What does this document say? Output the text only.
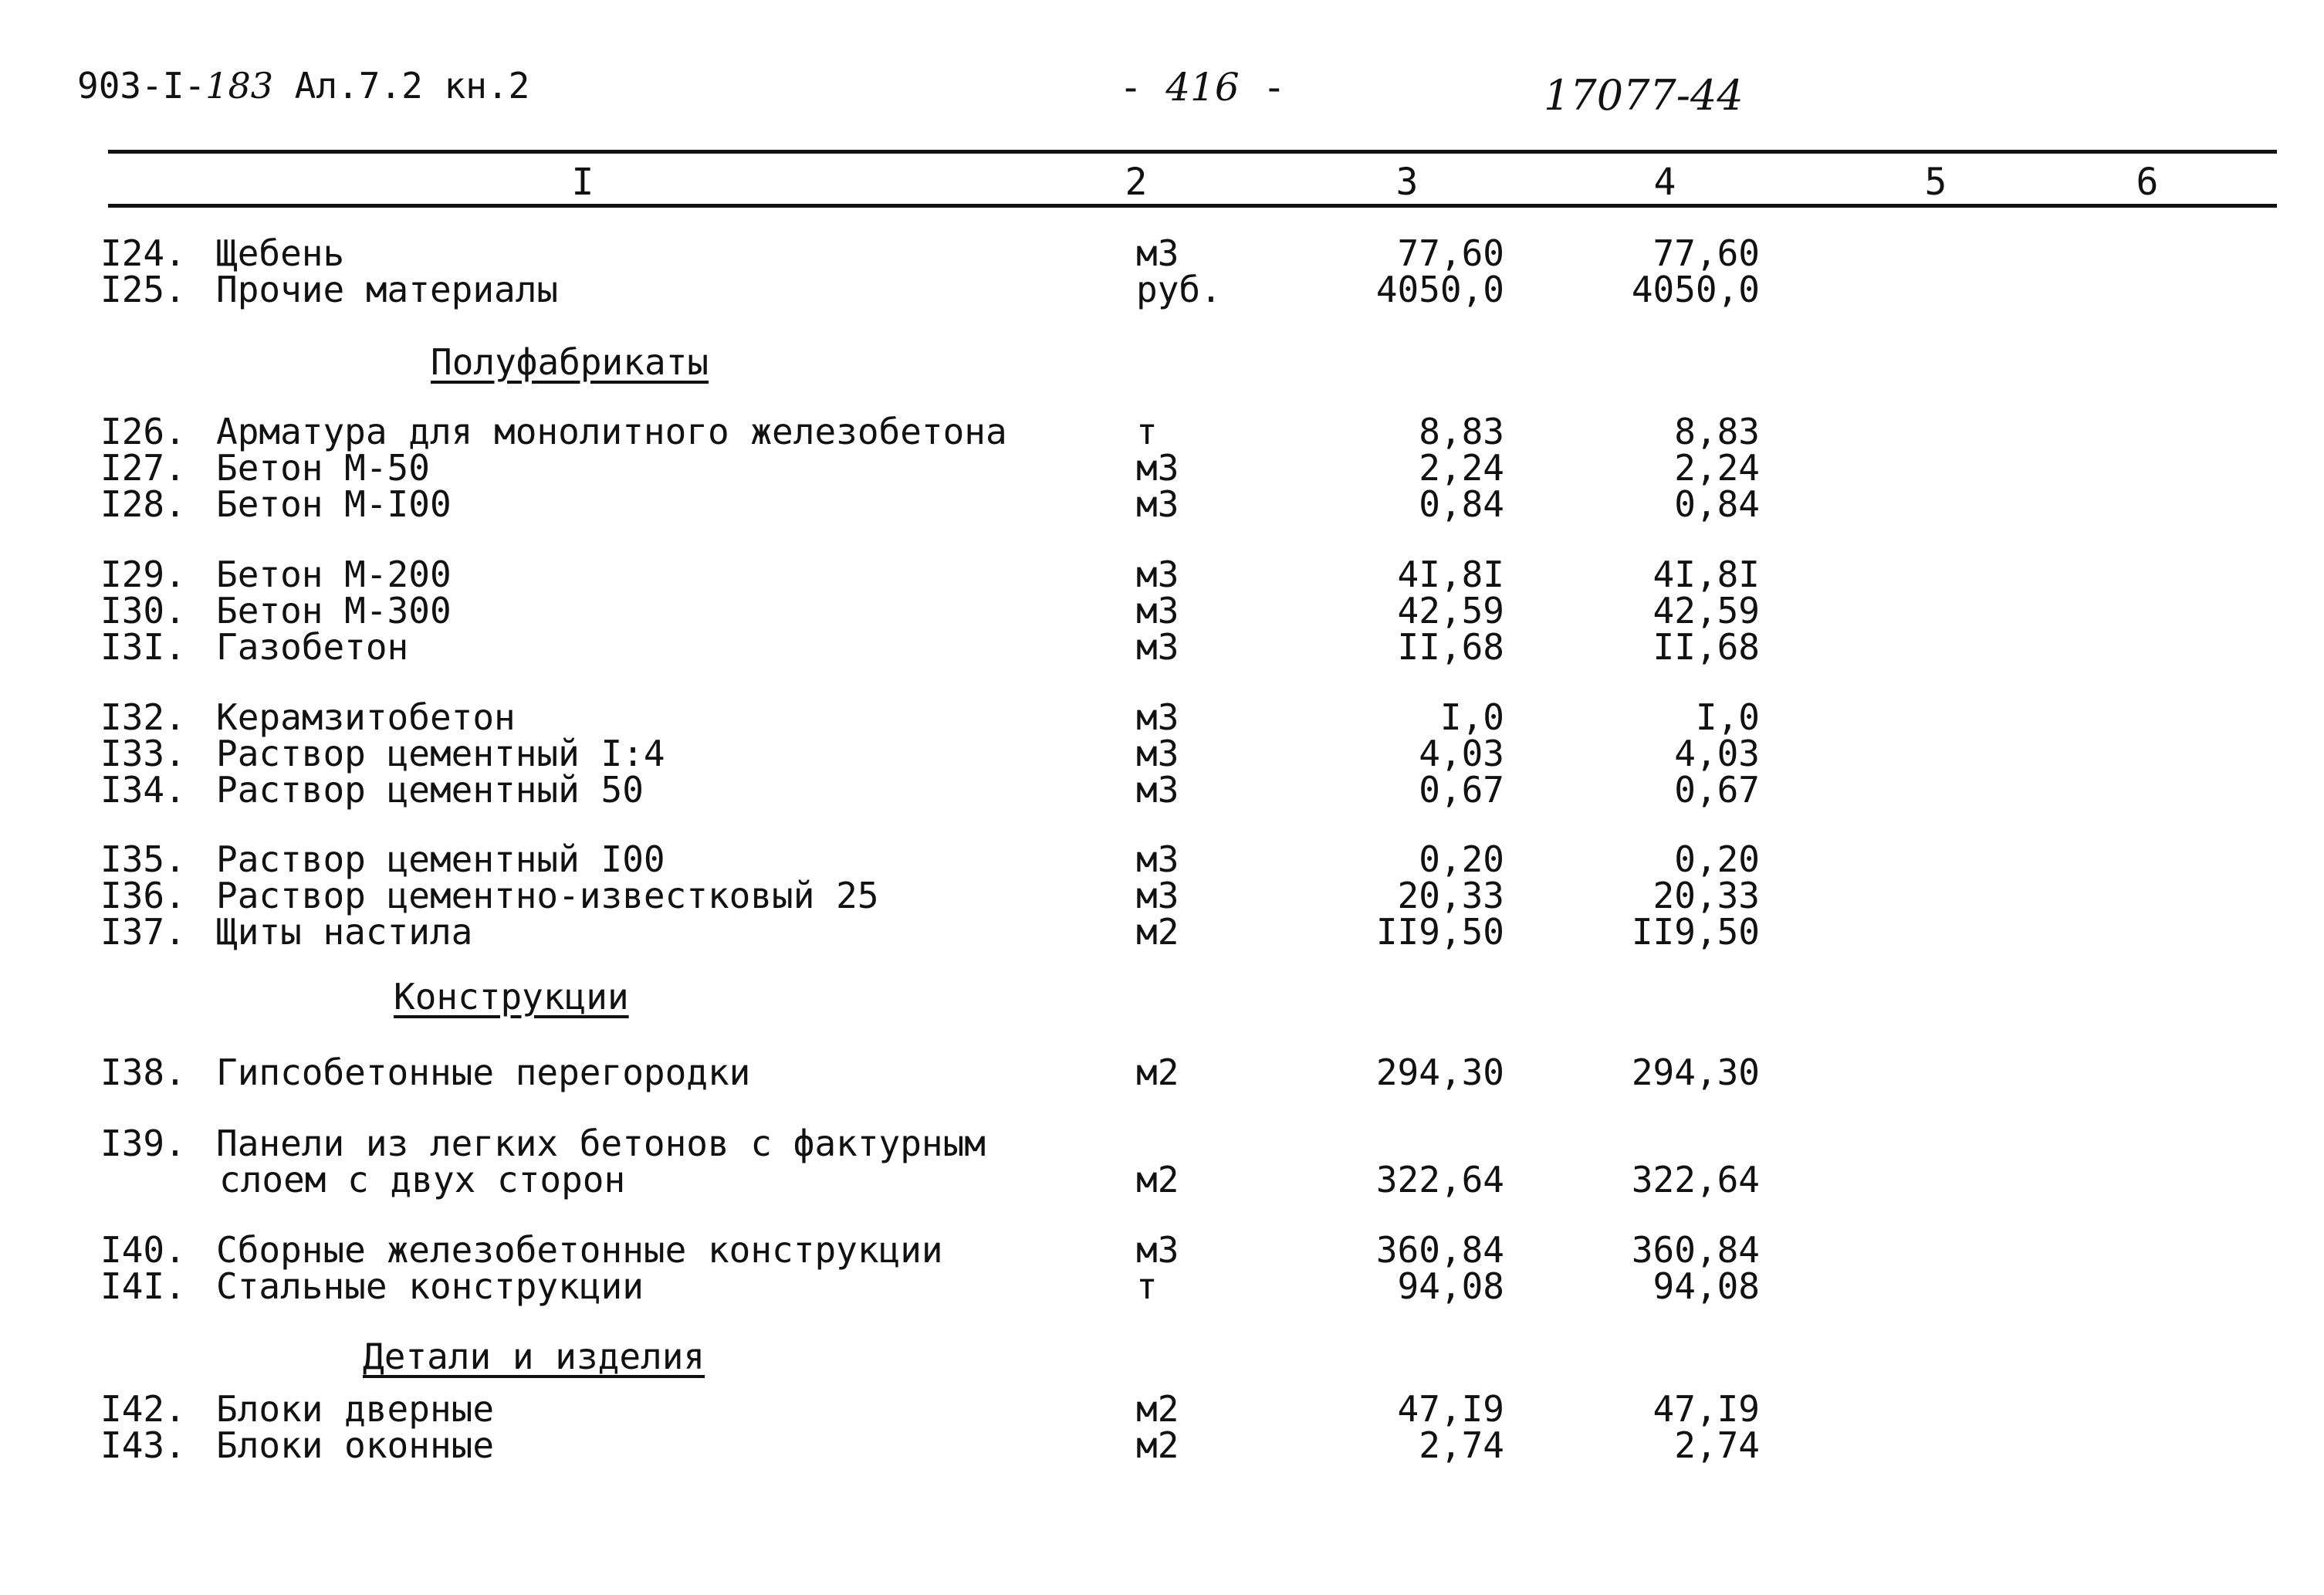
903-I-183 Ал.7.2 кн.2	- 416 -	17077-44
I	2	3	4	5	6
I24. Щебень	м3	77,60	77,60
I25. Прочие материалы	руб.	4050,0	4050,0
Полуфабрикаты
I26. Арматура для монолитного железобетона	т	8,83	8,83
I27. Бетон М-50	м3	2,24	2,24
I28. Бетон М-I00	м3	0,84	0,84
I29. Бетон М-200	м3	4I,8I	4I,8I
I30. Бетон М-300	м3	42,59	42,59
I3I. Газобетон	м3	II,68	II,68
I32. Керамзитобетон	м3	I,0	I,0
I33. Раствор цементный I:4	м3	4,03	4,03
I34. Раствор цементный 50	м3	0,67	0,67
I35. Раствор цементный I00	м3	0,20	0,20
I36. Раствор цементно-известковый 25	м3	20,33	20,33
I37. Щиты настила	м2	II9,50	II9,50
Конструкции
I38. Гипсобетонные перегородки	м2	294,30	294,30
I39. Панели из легких бетонов с фактурным
слоем с двух сторон	м2	322,64	322,64
I40. Сборные железобетонные конструкции	м3	360,84	360,84
I4I. Стальные конструкции	т	94,08	94,08
Детали и изделия
I42. Блоки дверные	м2	47,I9	47,I9
I43. Блоки оконные	м2	2,74	2,74
